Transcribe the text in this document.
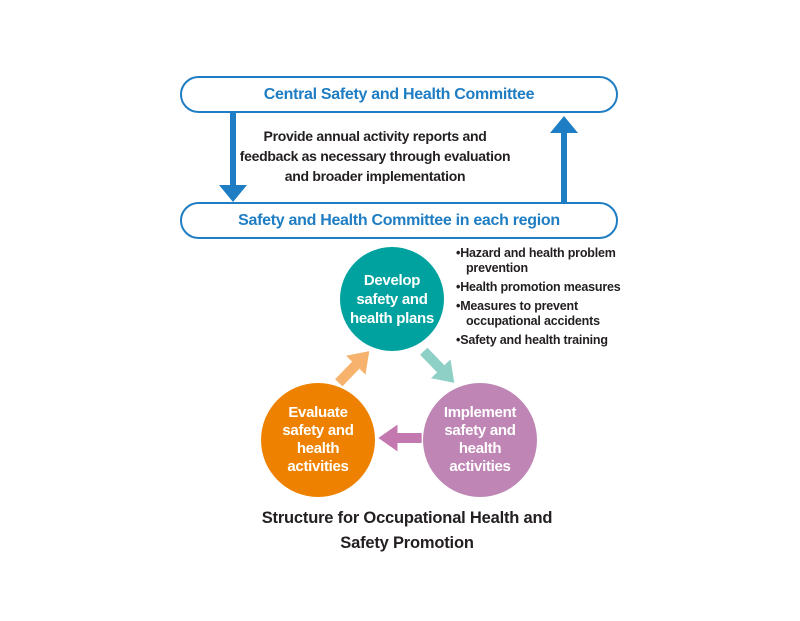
Central Safety and Health Committee
Provide annual activity reports and
feedback as necessary through evaluation
and broader implementation
Safety and Health Committee in each region
Develop
safety and
health plans
• Hazard and health problem prevention
• Health promotion measures
• Measures to prevent occupational accidents
• Safety and health training
Evaluate
safety and
health
activities
Implement
safety and
health
activities
Structure for Occupational Health and
Safety Promotion
